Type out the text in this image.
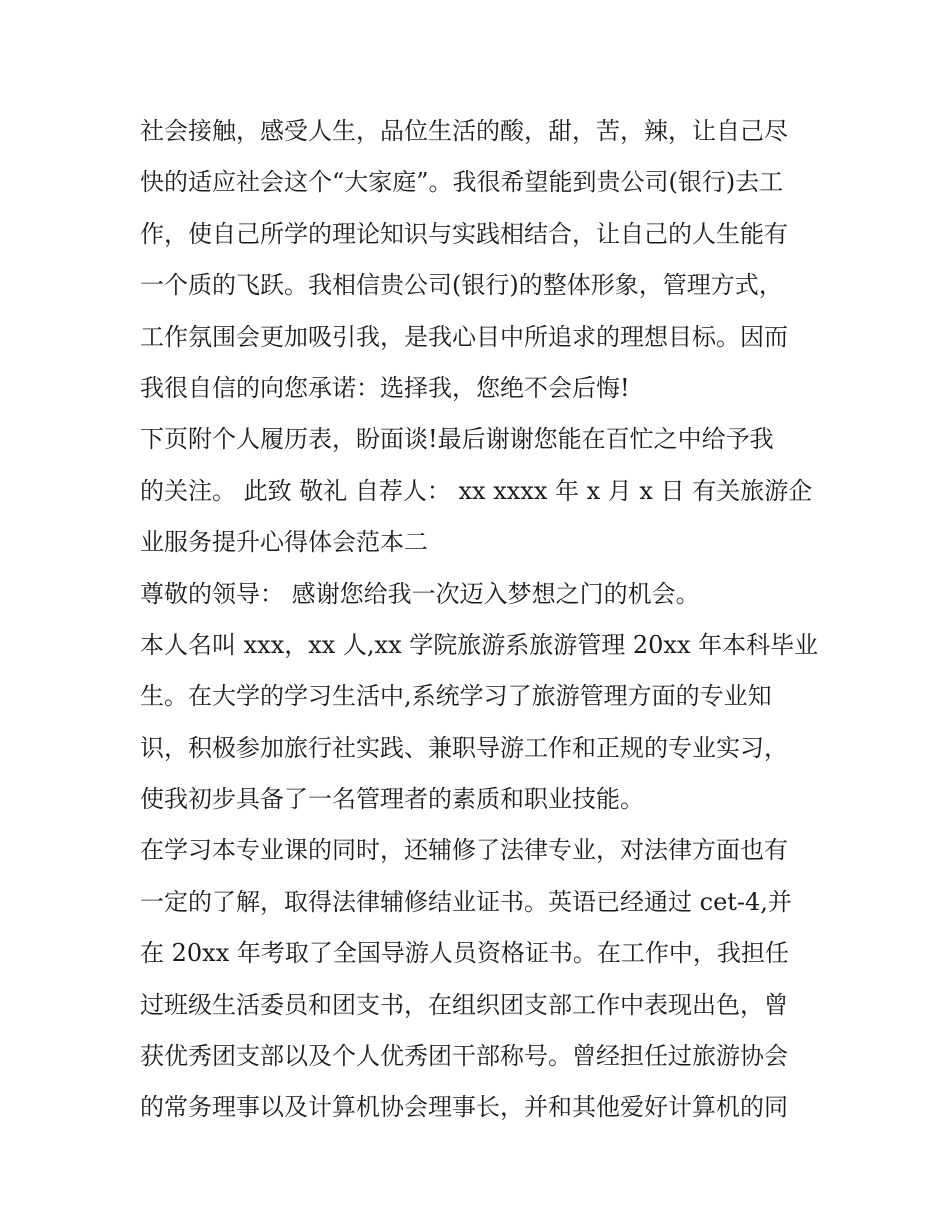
社会接触，感受人生，品位生活的酸，甜，苦，辣，让自己尽
快的适应社会这个“大家庭”。我很希望能到贵公司(银行)去工
作，使自己所学的理论知识与实践相结合，让自己的人生能有
一个质的飞跃。我相信贵公司(银行)的整体形象，管理方式，
工作氛围会更加吸引我，是我心目中所追求的理想目标。因而
我很自信的向您承诺：选择我，您绝不会后悔!
下页附个人履历表，盼面谈!最后谢谢您能在百忙之中给予我
的关注。 此致 敬礼 自荐人： xx xxxx 年 x 月 x 日 有关旅游企
业服务提升心得体会范本二
尊敬的领导： 感谢您给我一次迈入梦想之门的机会。
本人名叫 xxx，xx 人,xx 学院旅游系旅游管理 20xx 年本科毕业
生。在大学的学习生活中,系统学习了旅游管理方面的专业知
识，积极参加旅行社实践、兼职导游工作和正规的专业实习，
使我初步具备了一名管理者的素质和职业技能。
在学习本专业课的同时，还辅修了法律专业，对法律方面也有
一定的了解，取得法律辅修结业证书。英语已经通过 cet-4,并
在 20xx 年考取了全国导游人员资格证书。在工作中，我担任
过班级生活委员和团支书，在组织团支部工作中表现出色，曾
获优秀团支部以及个人优秀团干部称号。曾经担任过旅游协会
的常务理事以及计算机协会理事长，并和其他爱好计算机的同
